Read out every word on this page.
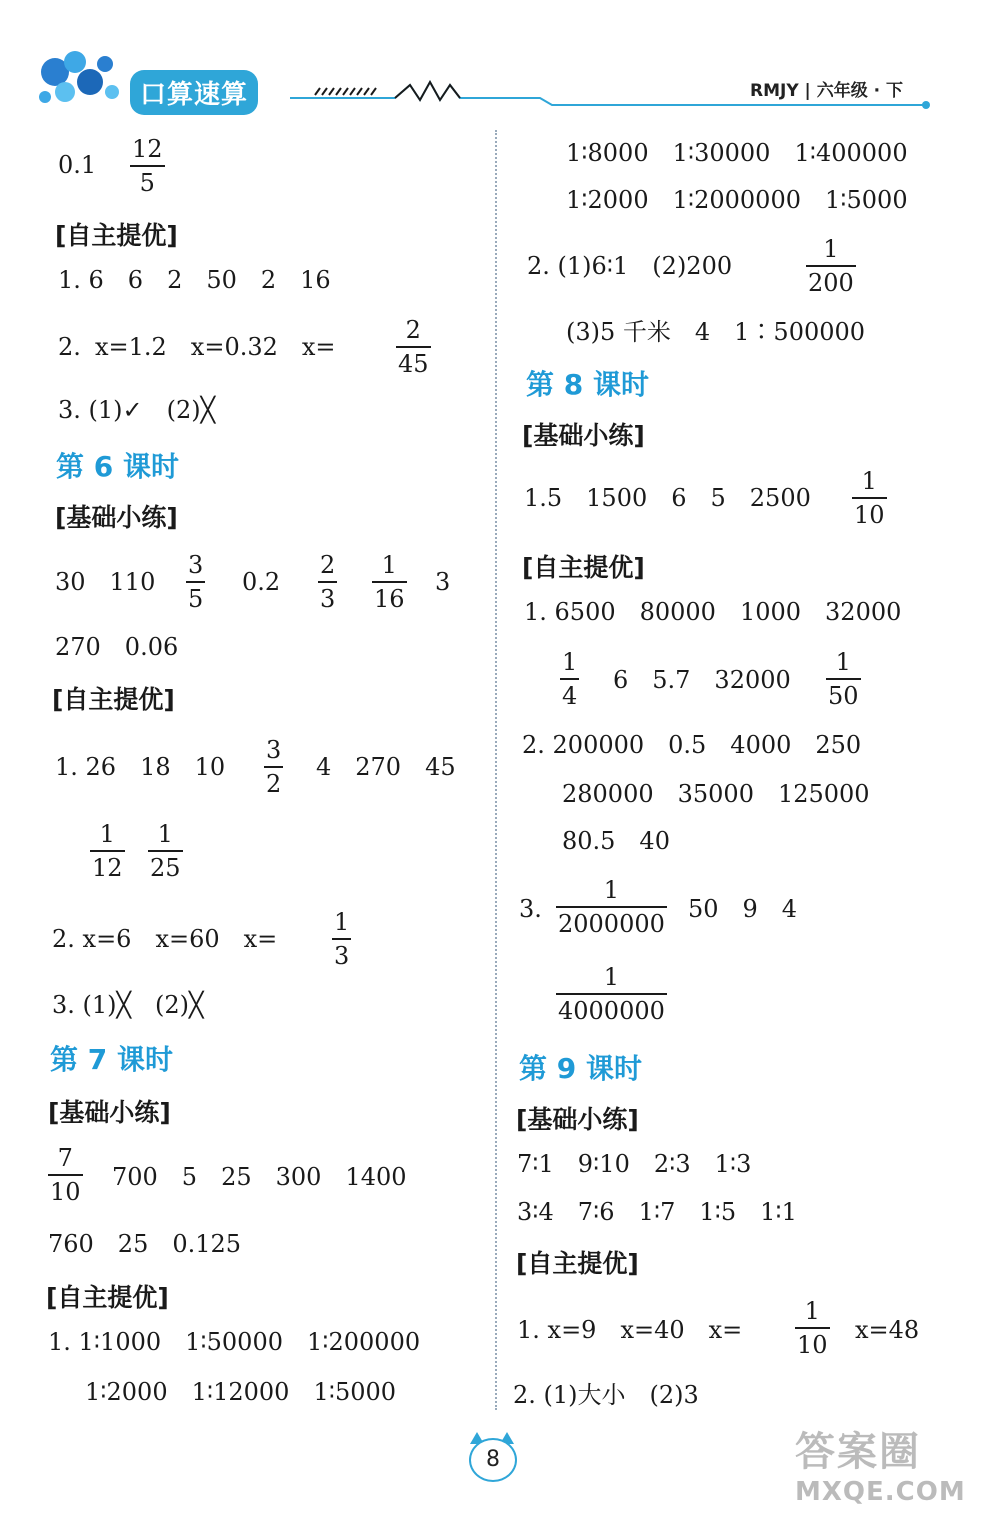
口算速算	RMJY | 六年级 · 下
$0.1 \frac{12}{5}$
[自主提优]
1. 6　6　2　50　2　16
2. x=1.2　x=0.32　x=	$\frac{2}{45}$
3. (1)✓　(2)╳
第 6 课时
[基础小练]
30　$110 \frac{3}{5} 0.2 \frac{2}{3} \frac{1}{16} 3$
270　0.06
[自主提优]
1. 26　18　$10 \frac{3}{2} 4$　270　45
$\frac{1}{12} \frac{1}{25}$
2. x=6　x=60　$x= \frac{1}{3}$
3. (1)╳　(2)╳
第 7 课时
[基础小练]
$\frac{7}{10} 700$　5　25　300　1400
760　25　0.125
[自主提优]
1. 1∶1000　1∶50000　1∶200000
1∶2000　1∶12000　1∶5000
1∶8000　1∶30000　1∶400000
1∶2000　1∶2000000　1∶5000
2. (1)6∶1　(2)200	$\frac{1}{200}$
(3)5 千米　4　1∶500000
第 8 课时
[基础小练]
1.5　1500　6　5　$2500 \frac{1}{10}$
[自主提优]
1. 6500　80000　1000　32000
$\frac{1}{4} 6$　5.7　$32000 \frac{1}{50}$
2. 200000　0.5　4000　250
280000　35000　125000
80.5　40
3. $\frac{1}{2000000} 50$　9　4
$\frac{1}{4000000}$
第 9 课时
[基础小练]
7∶1　9∶10　2∶3　1∶3
3∶4　7∶6　1∶7　1∶5　1∶1
[自主提优]
1. x=9　x=40　$x= \frac{1}{10} x=48$
2. (1)大小　(2)3
8	答案圈
MXQE.COM
